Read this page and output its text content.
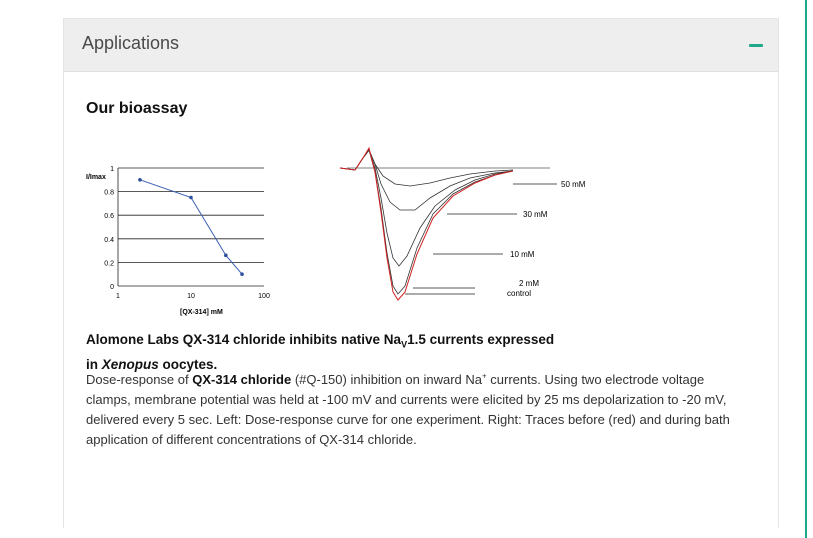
Applications
Our bioassay
0
0.2
0.4
0.6
0.8
1
1	10	100
I/Imax
[QX-314] mM
50 mM
30 mM
10 mM
2 mM
control
Alomone Labs QX-314 chloride inhibits native $Na_V1.5$ currents expressed
in Xenopus oocytes.
Dose-response of QX-314 chloride (#Q-150) inhibition on inward Na+ currents. Using two electrode voltage clamps, membrane potential was held at -100 mV and currents were elicited by 25 ms depolarization to -20 mV, delivered every 5 sec. Left: Dose-response curve for one experiment. Right: Traces before (red) and during bath application of different concentrations of QX-314 chloride.
